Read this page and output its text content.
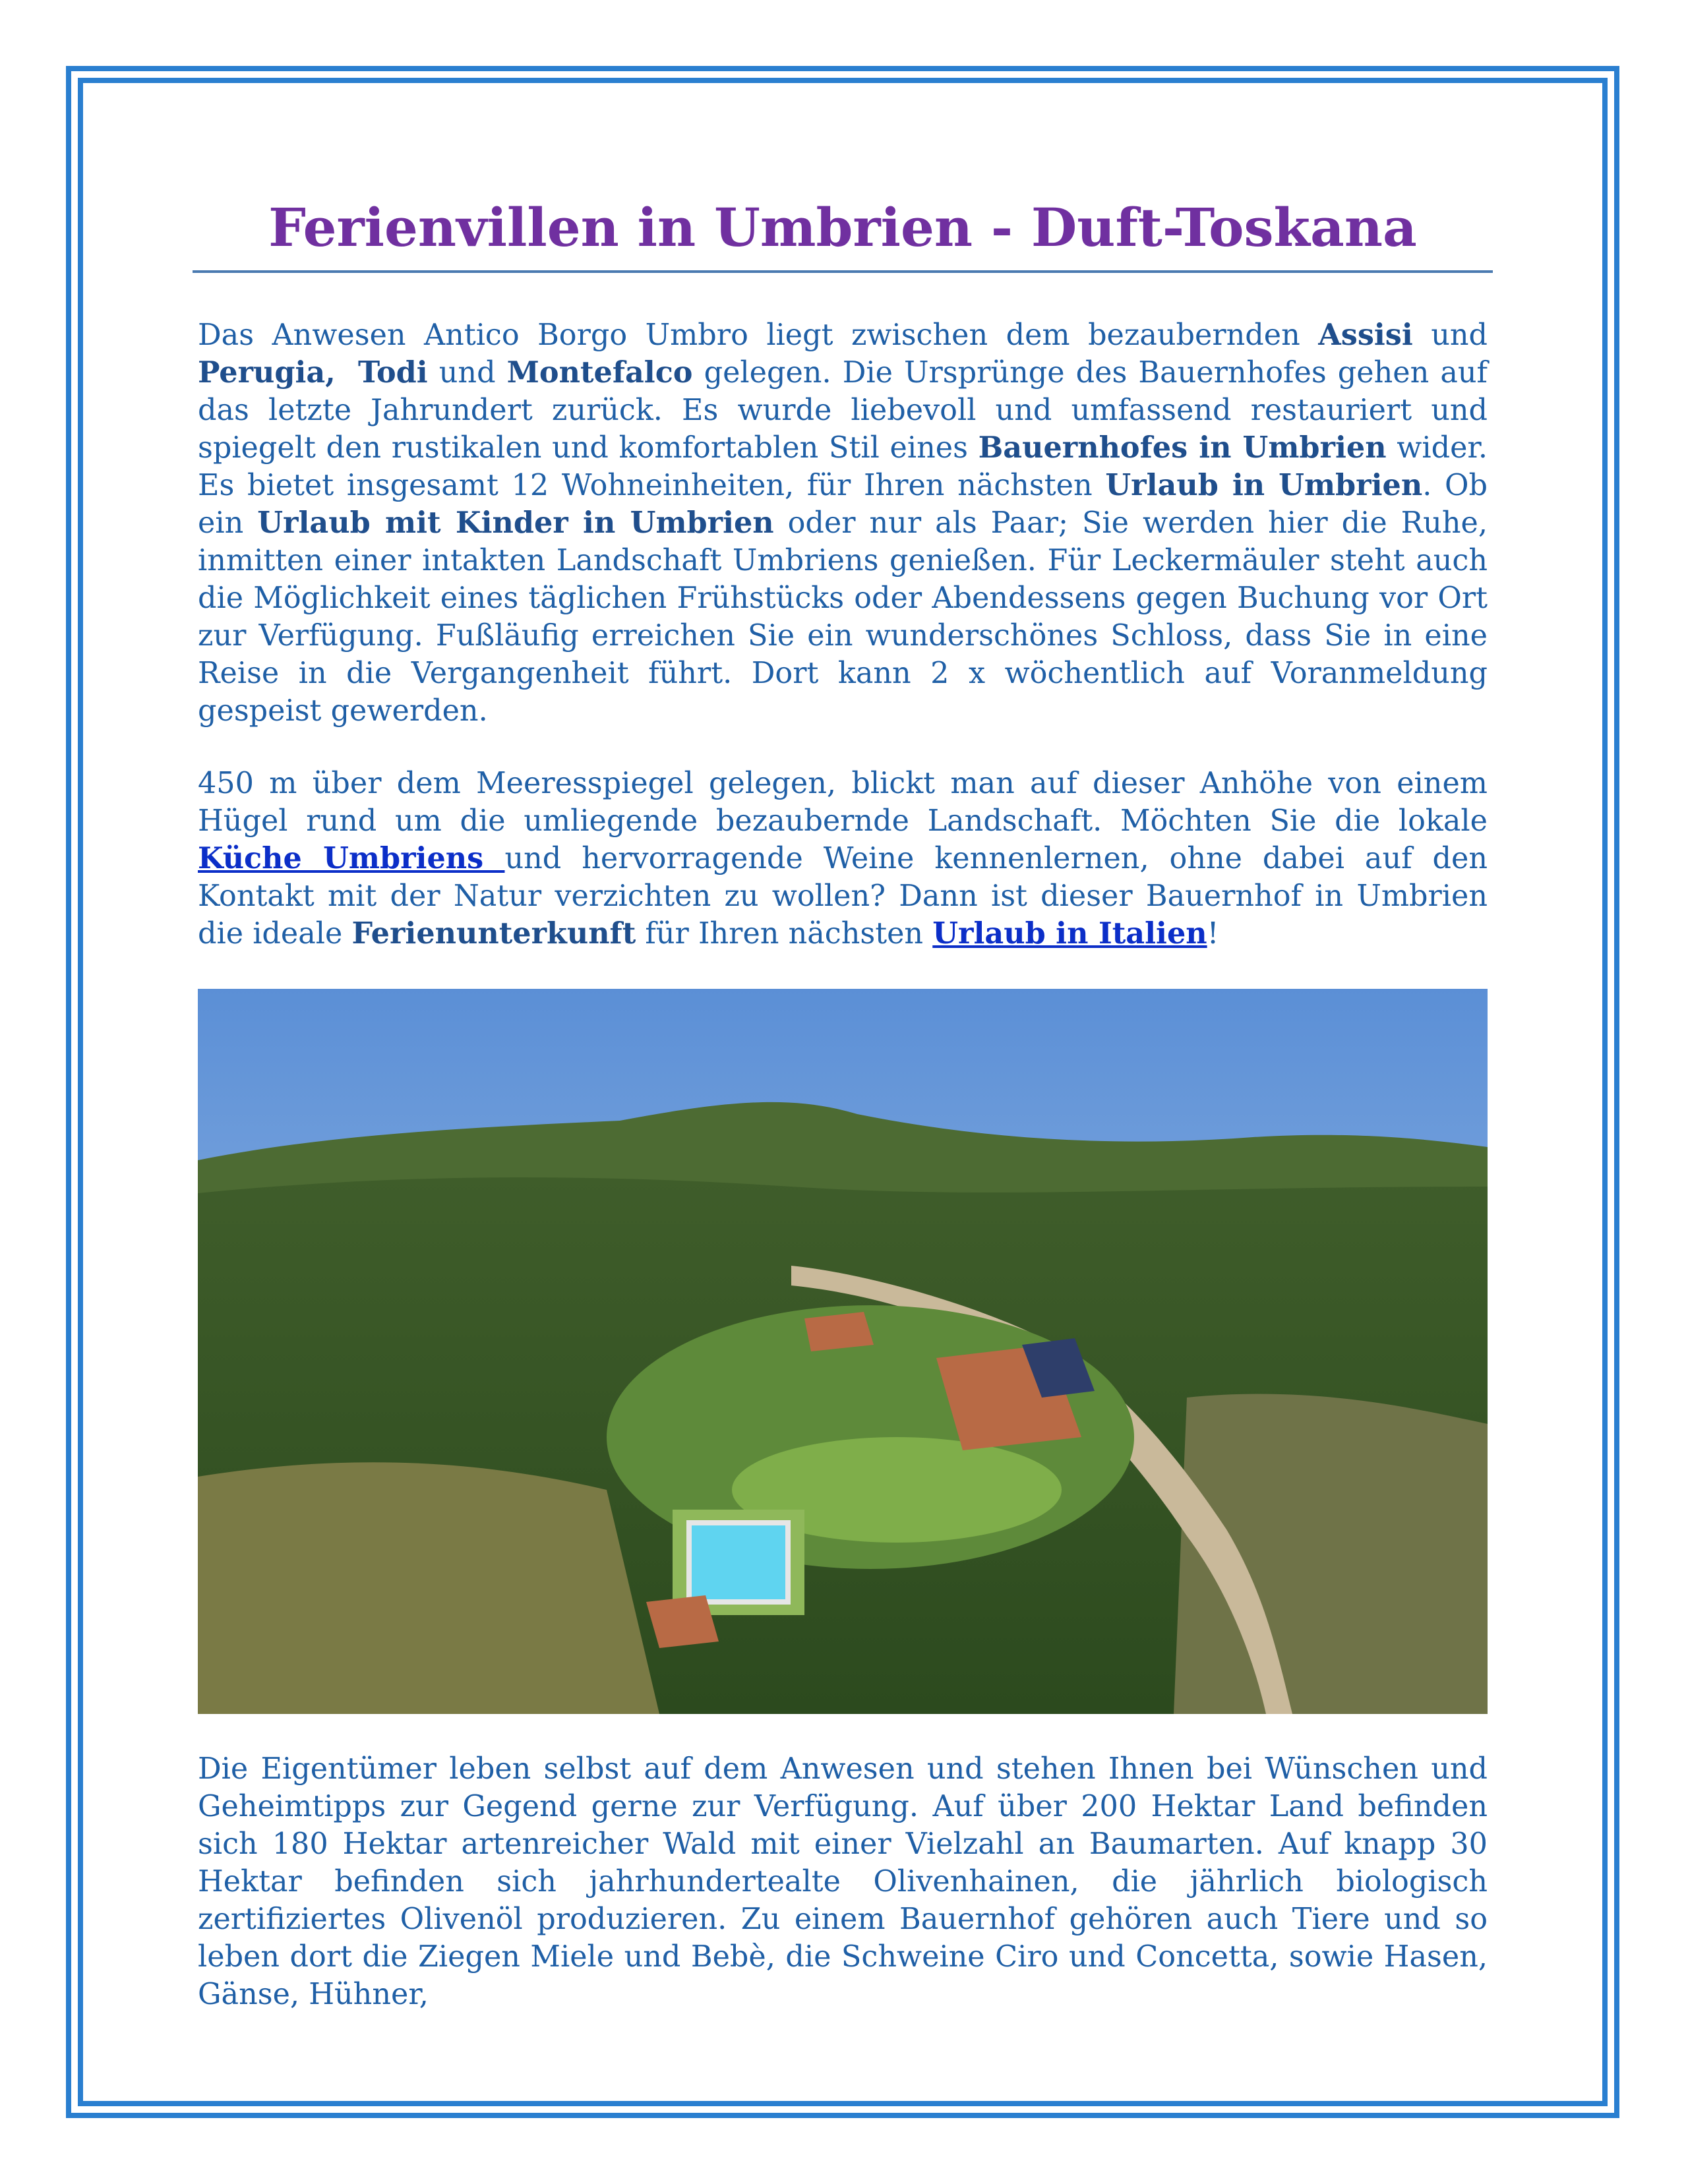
Ferienvillen in Umbrien - Duft-Toskana

Das Anwesen Antico Borgo Umbro liegt zwischen dem bezaubernden Assisi und Perugia, Todi und Montefalco gelegen. Die Ursprünge des Bauernhofes gehen auf das letzte Jahrundert zurück. Es wurde liebevoll und umfassend restauriert und spiegelt den rustikalen und komfortablen Stil eines Bauernhofes in Umbrien wider. Es bietet insgesamt 12 Wohneinheiten, für Ihren nächsten Urlaub in Umbrien. Ob ein Urlaub mit Kinder in Umbrien oder nur als Paar; Sie werden hier die Ruhe, inmitten einer intakten Landschaft Umbriens genießen. Für Leckermäuler steht auch die Möglichkeit eines täglichen Frühstücks oder Abendessens gegen Buchung vor Ort zur Verfügung. Fußläufig erreichen Sie ein wunderschönes Schloss, dass Sie in eine Reise in die Vergangenheit führt. Dort kann 2 x wöchentlich auf Voranmeldung gespeist gewerden.

450 m über dem Meeresspiegel gelegen, blickt man auf dieser Anhöhe von einem Hügel rund um die umliegende bezaubernde Landschaft. Möchten Sie die lokale Küche Umbriens und hervorragende Weine kennenlernen, ohne dabei auf den Kontakt mit der Natur verzichten zu wollen? Dann ist dieser Bauernhof in Umbrien die ideale Ferienunterkunft für Ihren nächsten Urlaub in Italien!

Die Eigentümer leben selbst auf dem Anwesen und stehen Ihnen bei Wünschen und Geheimtipps zur Gegend gerne zur Verfügung. Auf über 200 Hektar Land befinden sich 180 Hektar artenreicher Wald mit einer Vielzahl an Baumarten. Auf knapp 30 Hektar befinden sich jahrhundertealte Olivenhainen, die jährlich biologisch zertifiziertes Olivenöl produzieren. Zu einem Bauernhof gehören auch Tiere und so leben dort die Ziegen Miele und Bebè, die Schweine Ciro und Concetta, sowie Hasen, Gänse, Hühner,
